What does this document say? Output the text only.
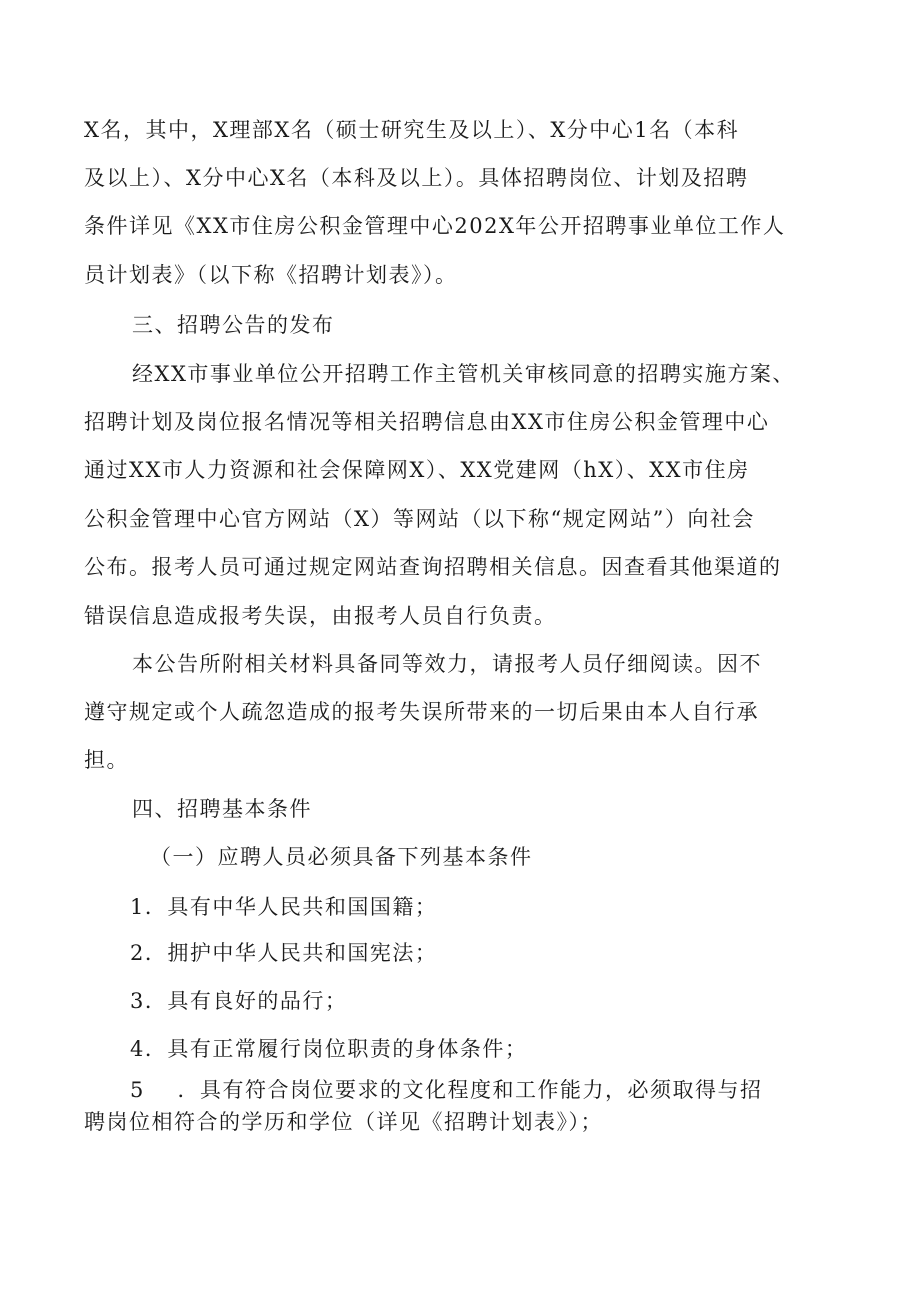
X名，其中，X理部X名（硕士研究生及以上）、X分中心1名（本科

及以上）、X分中心X名（本科及以上）。具体招聘岗位、计划及招聘

条件详见《XX市住房公积金管理中心202X年公开招聘事业单位工作人

员计划表》（以下称《招聘计划表》）。

三、招聘公告的发布

经XX市事业单位公开招聘工作主管机关审核同意的招聘实施方案、

招聘计划及岗位报名情况等相关招聘信息由XX市住房公积金管理中心

通过XX市人力资源和社会保障网X）、XX党建网（hX）、XX市住房

公积金管理中心官方网站（X）等网站（以下称“规定网站”）向社会

公布。报考人员可通过规定网站查询招聘相关信息。因查看其他渠道的

错误信息造成报考失误，由报考人员自行负责。

本公告所附相关材料具备同等效力，请报考人员仔细阅读。因不

遵守规定或个人疏忽造成的报考失误所带来的一切后果由本人自行承

担。

四、招聘基本条件

（一）应聘人员必须具备下列基本条件

1．具有中华人民共和国国籍；

2．拥护中华人民共和国宪法；

3．具有良好的品行；

4．具有正常履行岗位职责的身体条件；

5    ．具有符合岗位要求的文化程度和工作能力，必须取得与招

聘岗位相符合的学历和学位（详见《招聘计划表》）；
